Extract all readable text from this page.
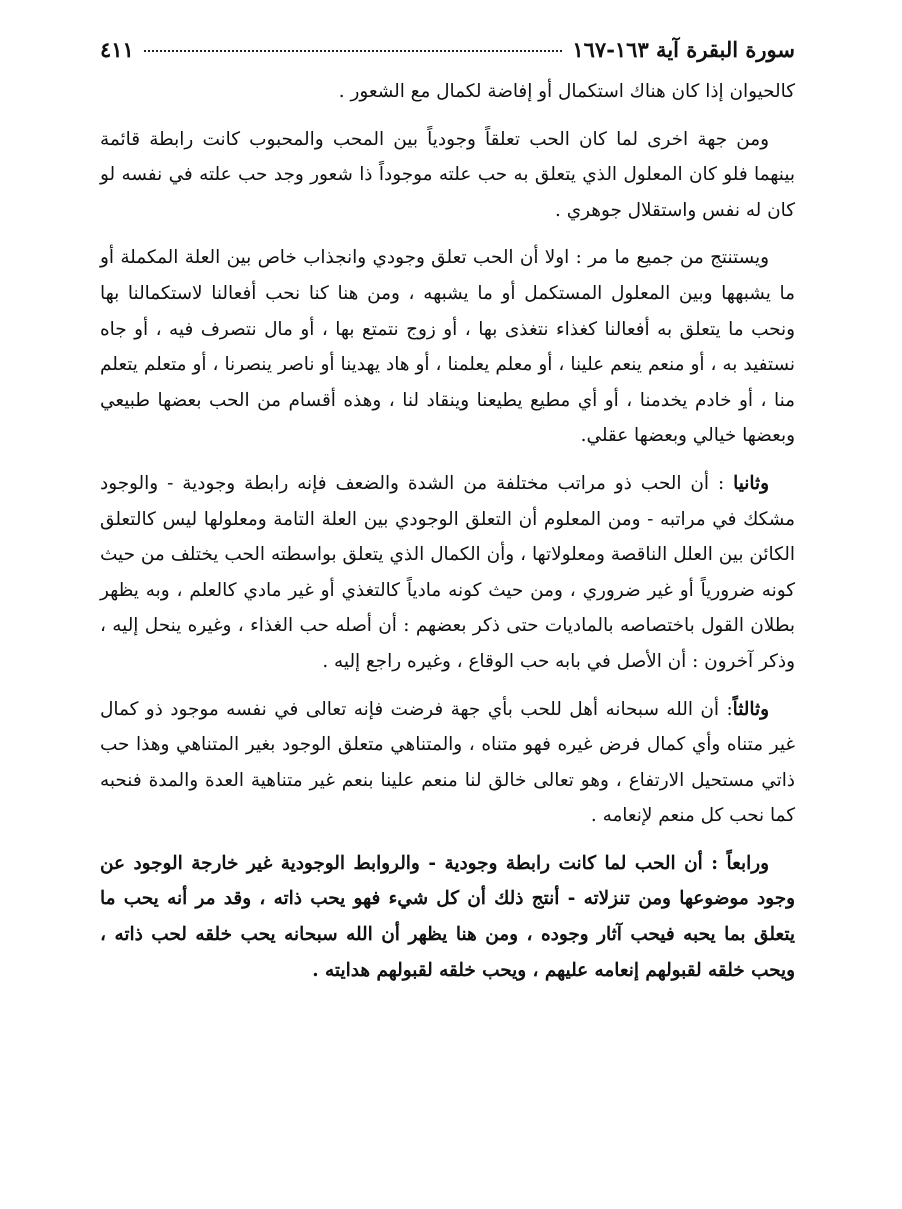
سورة البقرة آية ١٦٣-١٦٧
٤١١

كالحيوان إذا كان هناك استكمال أو إفاضة لكمال مع الشعور .

ومن جهة اخرى لما كان الحب تعلقاً وجودياً بين المحب والمحبوب كانت رابطة قائمة بينهما فلو كان المعلول الذي يتعلق به حب علته موجوداً ذا شعور وجد حب علته في نفسه لو كان له نفس واستقلال جوهري .

ويستنتج من جميع ما مر : اولا أن الحب تعلق وجودي وانجذاب خاص بين العلة المكملة أو ما يشبهها وبين المعلول المستكمل أو ما يشبهه ، ومن هنا كنا نحب أفعالنا لاستكمالنا بها ونحب ما يتعلق به أفعالنا كغذاء نتغذى بها ، أو زوج نتمتع بها ، أو مال نتصرف فيه ، أو جاه نستفيد به ، أو منعم ينعم علينا ، أو معلم يعلمنا ، أو هاد يهدينا أو ناصر ينصرنا ، أو متعلم يتعلم منا ، أو خادم يخدمنا ، أو أي مطيع يطيعنا وينقاد لنا ، وهذه أقسام من الحب بعضها طبيعي وبعضها خيالي وبعضها عقلي.

وثانيا : أن الحب ذو مراتب مختلفة من الشدة والضعف فإنه رابطة وجودية - والوجود مشكك في مراتبه - ومن المعلوم أن التعلق الوجودي بين العلة التامة ومعلولها ليس كالتعلق الكائن بين العلل الناقصة ومعلولاتها ، وأن الكمال الذي يتعلق بواسطته الحب يختلف من حيث كونه ضرورياً أو غير ضروري ، ومن حيث كونه مادياً كالتغذي أو غير مادي كالعلم ، وبه يظهر بطلان القول باختصاصه بالماديات حتى ذكر بعضهم : أن أصله حب الغذاء ، وغيره ينحل إليه ، وذكر آخرون : أن الأصل في بابه حب الوقاع ، وغيره راجع إليه .

وثالثاً: أن الله سبحانه أهل للحب بأي جهة فرضت فإنه تعالى في نفسه موجود ذو كمال غير متناه وأي كمال فرض غيره فهو متناه ، والمتناهي متعلق الوجود بغير المتناهي وهذا حب ذاتي مستحيل الارتفاع ، وهو تعالى خالق لنا منعم علينا بنعم غير متناهية العدة والمدة فنحبه كما نحب كل منعم لإنعامه .

ورابعاً : أن الحب لما كانت رابطة وجودية - والروابط الوجودية غير خارجة الوجود عن وجود موضوعها ومن تنزلاته - أنتج ذلك أن كل شيء فهو يحب ذاته ، وقد مر أنه يحب ما يتعلق بما يحبه فيحب آثار وجوده ، ومن هنا يظهر أن الله سبحانه يحب خلقه لحب ذاته ، ويحب خلقه لقبولهم إنعامه عليهم ، ويحب خلقه لقبولهم هدايته .
